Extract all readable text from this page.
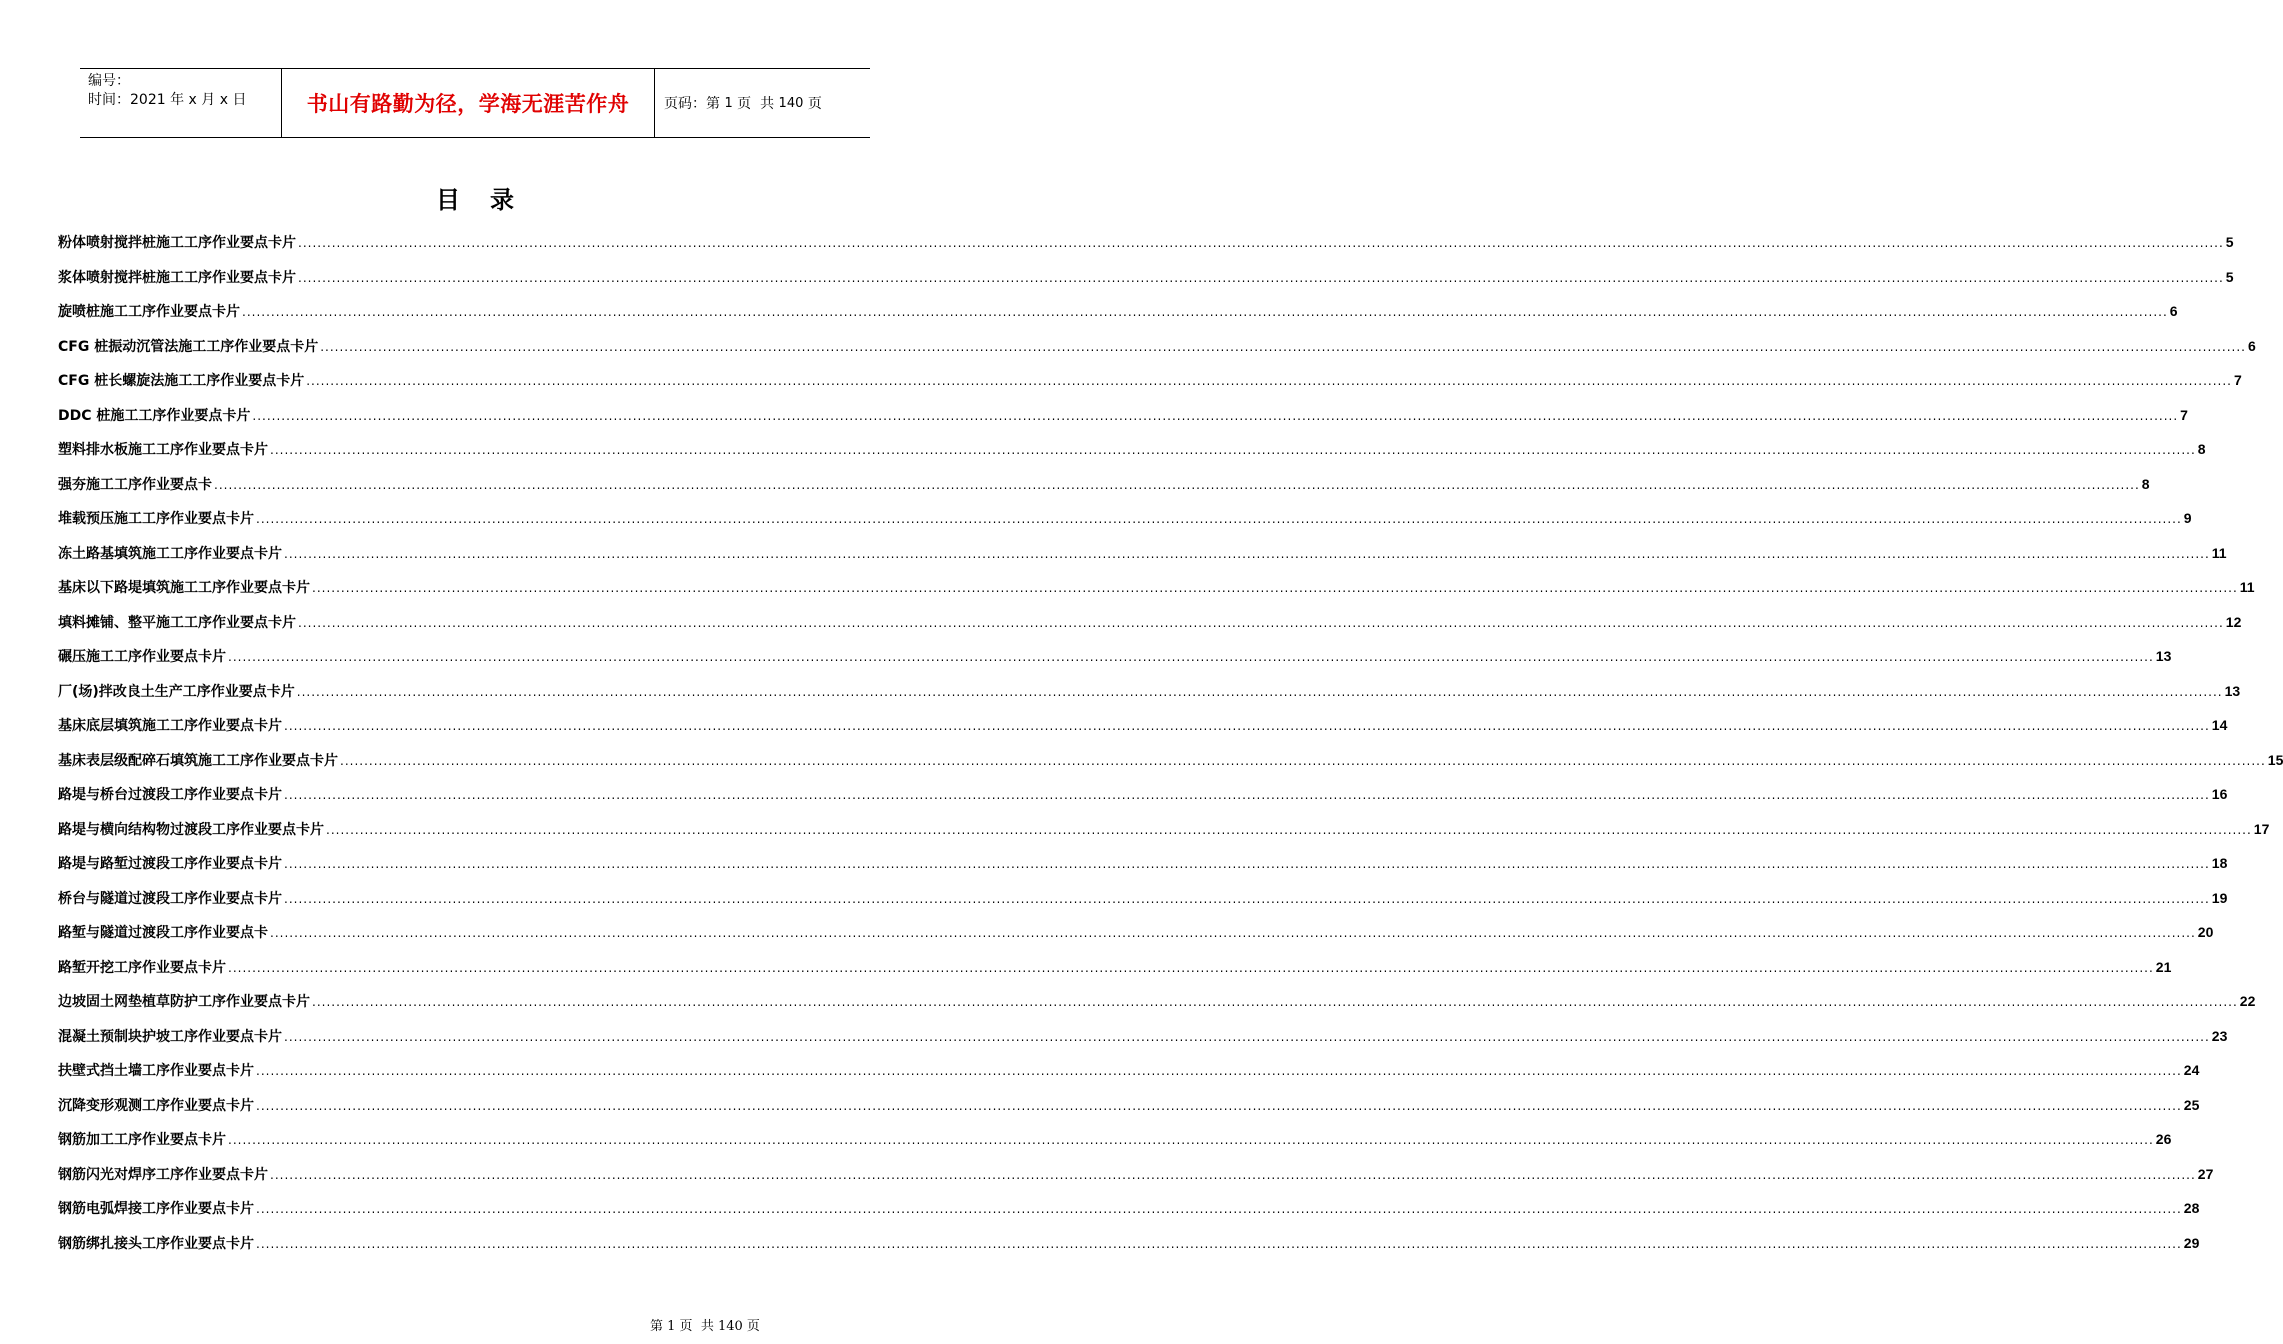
编号：
时间：2021 年 x 月 x 日	书山有路勤为径，学海无涯苦作舟	页码：第 1 页  共 140 页
目 录
粉体喷射搅拌桩施工工序作业要点卡片 ................................................................................................................................................................................................................................................................................................................................................................................................................ 5
浆体喷射搅拌桩施工工序作业要点卡片 ................................................................................................................................................................................................................................................................................................................................................................................................................ 5
旋喷桩施工工序作业要点卡片 ................................................................................................................................................................................................................................................................................................................................................................................................................ 6
CFG 桩振动沉管法施工工序作业要点卡片 ................................................................................................................................................................................................................................................................................................................................................................................................................ 6
CFG 桩长螺旋法施工工序作业要点卡片 ................................................................................................................................................................................................................................................................................................................................................................................................................ 7
DDC 桩施工工序作业要点卡片 ................................................................................................................................................................................................................................................................................................................................................................................................................ 7
塑料排水板施工工序作业要点卡片 ................................................................................................................................................................................................................................................................................................................................................................................................................ 8
强夯施工工序作业要点卡 ................................................................................................................................................................................................................................................................................................................................................................................................................ 8
堆载预压施工工序作业要点卡片 ................................................................................................................................................................................................................................................................................................................................................................................................................ 9
冻土路基填筑施工工序作业要点卡片 ................................................................................................................................................................................................................................................................................................................................................................................................................ 11
基床以下路堤填筑施工工序作业要点卡片 ................................................................................................................................................................................................................................................................................................................................................................................................................ 11
填料摊铺、整平施工工序作业要点卡片 ................................................................................................................................................................................................................................................................................................................................................................................................................ 12
碾压施工工序作业要点卡片 ................................................................................................................................................................................................................................................................................................................................................................................................................ 13
厂(场)拌改良土生产工序作业要点卡片 ................................................................................................................................................................................................................................................................................................................................................................................................................ 13
基床底层填筑施工工序作业要点卡片 ................................................................................................................................................................................................................................................................................................................................................................................................................ 14
基床表层级配碎石填筑施工工序作业要点卡片 ................................................................................................................................................................................................................................................................................................................................................................................................................ 15
路堤与桥台过渡段工序作业要点卡片 ................................................................................................................................................................................................................................................................................................................................................................................................................ 16
路堤与横向结构物过渡段工序作业要点卡片 ................................................................................................................................................................................................................................................................................................................................................................................................................ 17
路堤与路堑过渡段工序作业要点卡片 ................................................................................................................................................................................................................................................................................................................................................................................................................ 18
桥台与隧道过渡段工序作业要点卡片 ................................................................................................................................................................................................................................................................................................................................................................................................................ 19
路堑与隧道过渡段工序作业要点卡 ................................................................................................................................................................................................................................................................................................................................................................................................................ 20
路堑开挖工序作业要点卡片 ................................................................................................................................................................................................................................................................................................................................................................................................................ 21
边坡固土网垫植草防护工序作业要点卡片 ................................................................................................................................................................................................................................................................................................................................................................................................................ 22
混凝土预制块护坡工序作业要点卡片 ................................................................................................................................................................................................................................................................................................................................................................................................................ 23
扶壁式挡土墙工序作业要点卡片 ................................................................................................................................................................................................................................................................................................................................................................................................................ 24
沉降变形观测工序作业要点卡片 ................................................................................................................................................................................................................................................................................................................................................................................................................ 25
钢筋加工工序作业要点卡片 ................................................................................................................................................................................................................................................................................................................................................................................................................ 26
钢筋闪光对焊序工序作业要点卡片 ................................................................................................................................................................................................................................................................................................................................................................................................................ 27
钢筋电弧焊接工序作业要点卡片 ................................................................................................................................................................................................................................................................................................................................................................................................................ 28
钢筋绑扎接头工序作业要点卡片 ................................................................................................................................................................................................................................................................................................................................................................................................................ 29
第 1 页  共 140 页
